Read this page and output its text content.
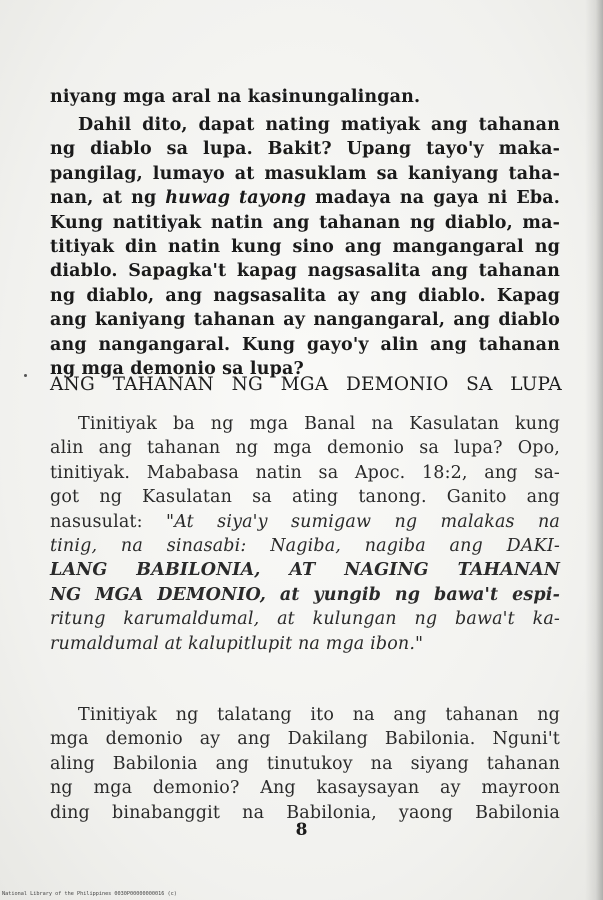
niyang mga aral na kasinungalingan.
Dahil dito, dapat nating matiyak ang tahanan
ng diablo sa lupa. Bakit? Upang tayo'y maka-
pangilag, lumayo at masuklam sa kaniyang taha-
nan, at ng huwag tayong madaya na gaya ni Eba.
Kung natitiyak natin ang tahanan ng diablo, ma-
titiyak din natin kung sino ang mangangaral ng
diablo. Sapagka't kapag nagsasalita ang tahanan
ng diablo, ang nagsasalita ay ang diablo. Kapag
ang kaniyang tahanan ay nangangaral, ang diablo
ang nangangaral. Kung gayo'y alin ang tahanan
ng mga demonio sa lupa?
ANG TAHANAN NG MGA DEMONIO SA LUPA
Tinitiyak ba ng mga Banal na Kasulatan kung
alin ang tahanan ng mga demonio sa lupa? Opo,
tinitiyak. Mababasa natin sa Apoc. 18:2, ang sa-
got ng Kasulatan sa ating tanong. Ganito ang
nasusulat: "At siya'y sumigaw ng malakas na
tinig, na sinasabi: Nagiba, nagiba ang DAKI-
LANG BABILONIA, AT NAGING TAHANAN
NG MGA DEMONIO, at yungib ng bawa't espi-
ritung karumaldumal, at kulungan ng bawa't ka-
rumaldumal at kalupitlupit na mga ibon."
Tinitiyak ng talatang ito na ang tahanan ng
mga demonio ay ang Dakilang Babilonia. Nguni't
aling Babilonia ang tinutukoy na siyang tahanan
ng mga demonio? Ang kasaysayan ay mayroon
ding binabanggit na Babilonia, yaong Babilonia
8
National Library of the Philippines 0030P00000000016 (c)
